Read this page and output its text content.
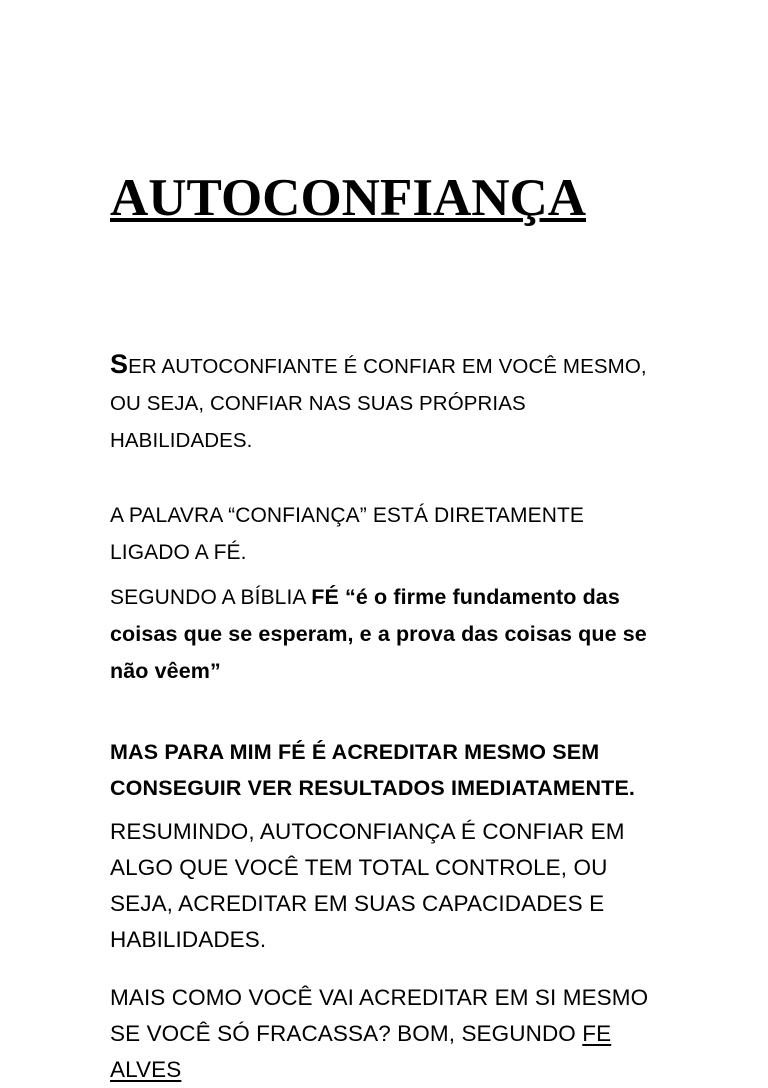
AUTOCONFIANÇA

SER AUTOCONFIANTE É CONFIAR EM VOCÊ MESMO, OU SEJA, CONFIAR NAS SUAS PRÓPRIAS HABILIDADES.

A PALAVRA “CONFIANÇA” ESTÁ DIRETAMENTE LIGADO A FÉ.

SEGUNDO A BÍBLIA FÉ “é o firme fundamento das coisas que se esperam, e a prova das coisas que se não vêem”

MAS PARA MIM FÉ É ACREDITAR MESMO SEM CONSEGUIR VER RESULTADOS IMEDIATAMENTE.

RESUMINDO, AUTOCONFIANÇA É CONFIAR EM ALGO QUE VOCÊ TEM TOTAL CONTROLE, OU SEJA, ACREDITAR EM SUAS CAPACIDADES E HABILIDADES.

MAIS COMO VOCÊ VAI ACREDITAR EM SI MESMO SE VOCÊ SÓ FRACASSA? BOM, SEGUNDO FE ALVES
